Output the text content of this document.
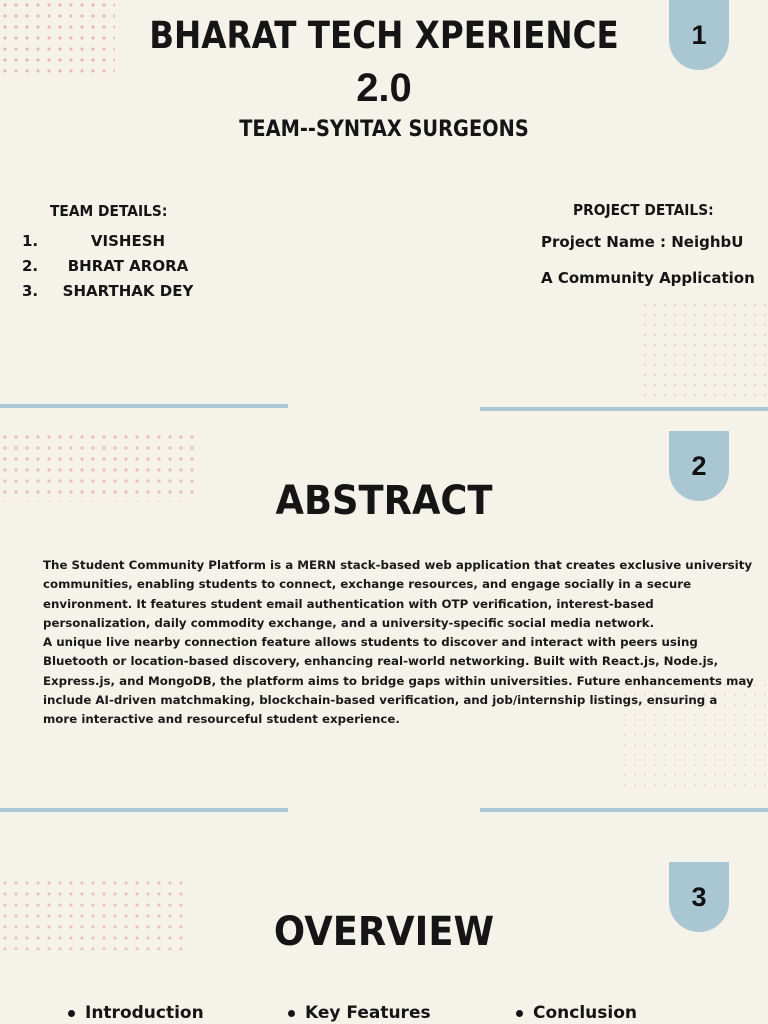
1
BHARAT TECH XPERIENCE
2.0
TEAM--SYNTAX SURGEONS
TEAM DETAILS:
1.	VISHESH
2.	BHRAT ARORA
3.	SHARTHAK DEY
PROJECT DETAILS:
Project Name : NeighbU
A Community Application
2
ABSTRACT

The Student Community Platform is a MERN stack-based web application that creates exclusive university communities, enabling students to connect, exchange resources, and engage socially in a secure environment. It features student email authentication with OTP verification, interest-based personalization, daily commodity exchange, and a university-specific social media network.

A unique live nearby connection feature allows students to discover and interact with peers using Bluetooth or location-based discovery, enhancing real-world networking. Built with React.js, Node.js, Express.js, and MongoDB, the platform aims to bridge gaps within universities. Future enhancements may include AI-driven matchmaking, blockchain-based verification, and job/internship listings, ensuring a more interactive and resourceful student experience.

3
OVERVIEW
Introduction	Key Features	Conclusion
